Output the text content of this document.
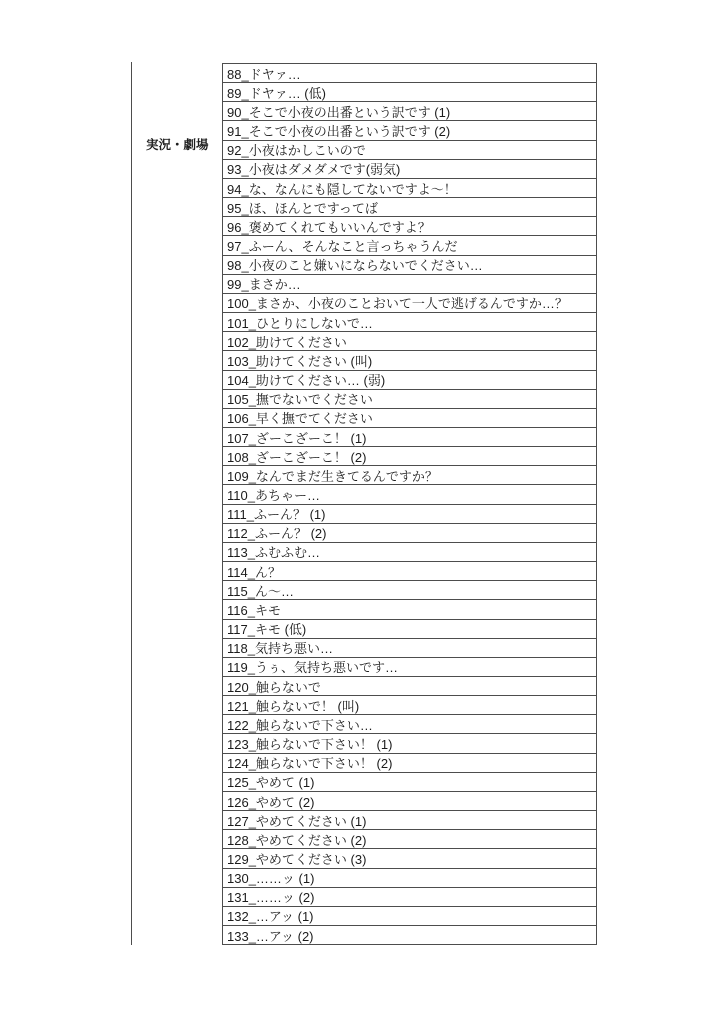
実況・劇場
88_ドヤァ…
89_ドヤァ… (低)
90_そこで小夜の出番という訳です (1)
91_そこで小夜の出番という訳です (2)
92_小夜はかしこいので
93_小夜はダメダメです(弱気)
94_な、なんにも隠してないですよ～！
95_ほ、ほんとですってば
96_褒めてくれてもいいんですよ？
97_ふーん、そんなこと言っちゃうんだ
98_小夜のこと嫌いにならないでください…
99_まさか…
100_まさか、小夜のことおいて一人で逃げるんですか…？
101_ひとりにしないで…
102_助けてください
103_助けてください (叫)
104_助けてください… (弱)
105_撫でないでください
106_早く撫でてください
107_ざーこざーこ！ (1)
108_ざーこざーこ！ (2)
109_なんでまだ生きてるんですか？
110_あちゃー…
111_ふーん？ (1)
112_ふーん？ (2)
113_ふむふむ…
114_ん？
115_ん～…
116_キモ
117_キモ (低)
118_気持ち悪い…
119_うぅ、気持ち悪いです…
120_触らないで
121_触らないで！ (叫)
122_触らないで下さい…
123_触らないで下さい！ (1)
124_触らないで下さい！ (2)
125_やめて (1)
126_やめて (2)
127_やめてください (1)
128_やめてください (2)
129_やめてください (3)
130_……ッ (1)
131_……ッ (2)
132_…アッ (1)
133_…アッ (2)
